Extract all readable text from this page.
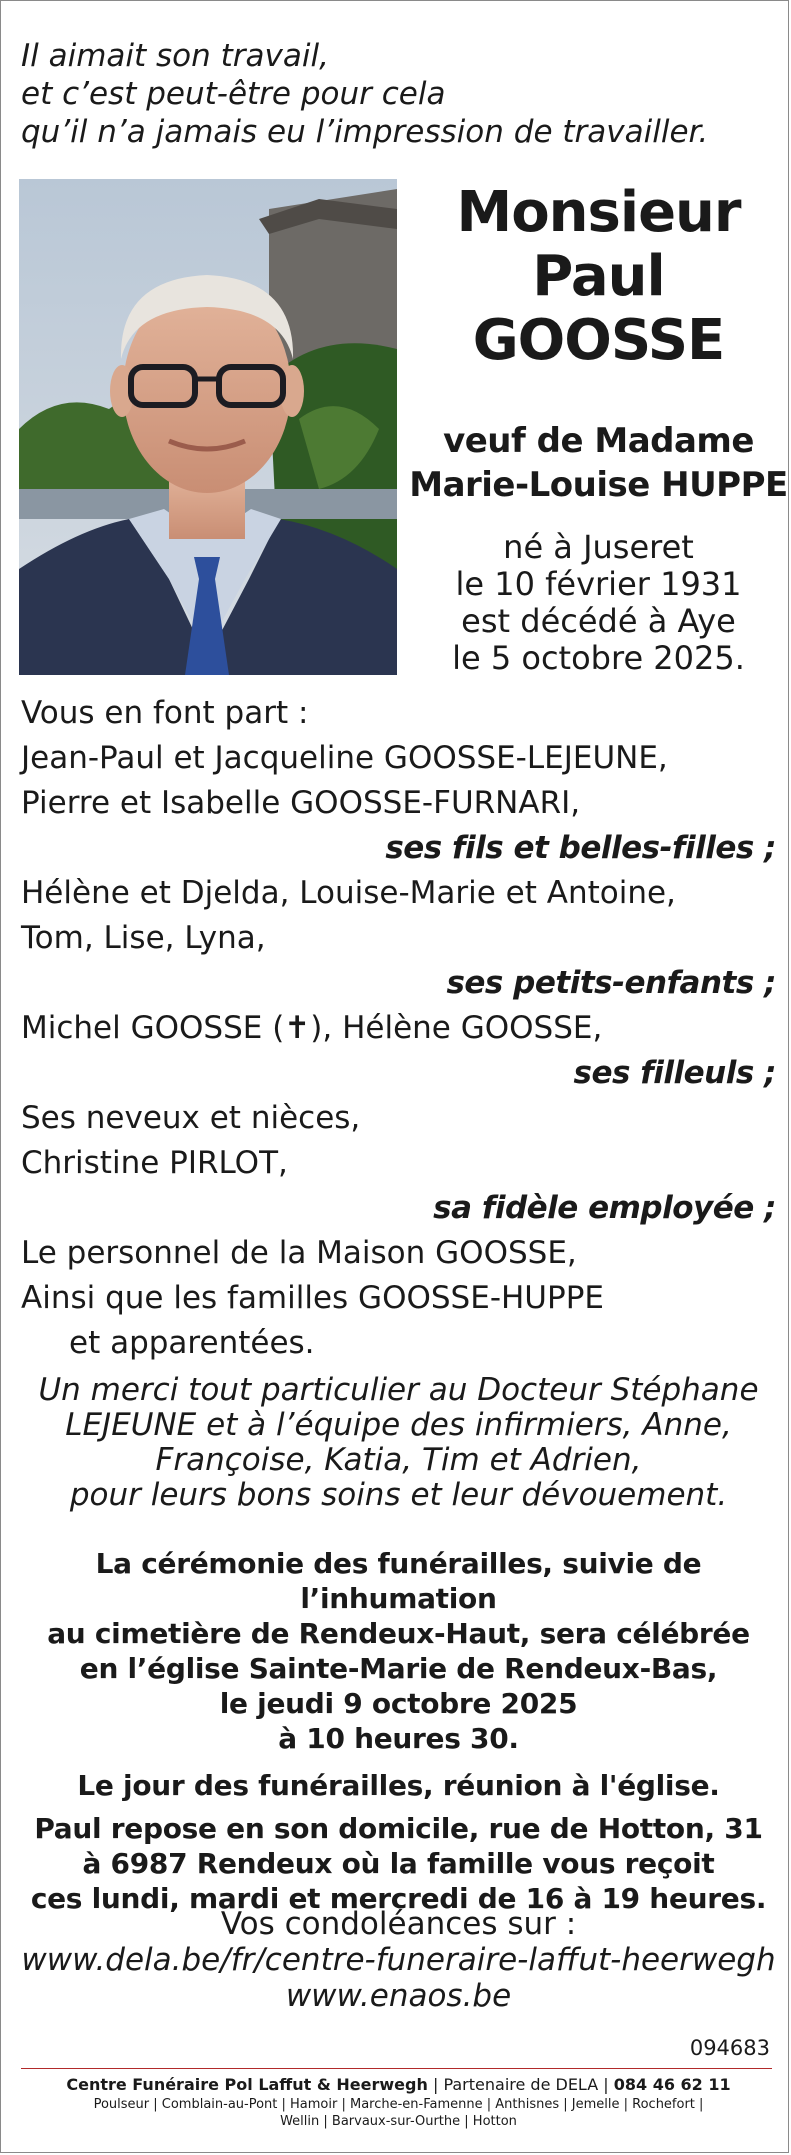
Il aimait son travail,
et c’est peut-être pour cela
qu’il n’a jamais eu l’impression de travailler.
Monsieur
Paul
GOOSSE
veuf de Madame
Marie-Louise HUPPE
né à Juseret
le 10 février 1931
est décédé à Aye
le 5 octobre 2025.
Vous en font part :
Jean-Paul et Jacqueline GOOSSE-LEJEUNE,
Pierre et Isabelle GOOSSE-FURNARI,
ses fils et belles-filles ;
Hélène et Djelda, Louise-Marie et Antoine,
Tom, Lise, Lyna,
ses petits-enfants ;
Michel GOOSSE (✝), Hélène GOOSSE,
ses filleuls ;
Ses neveux et nièces,
Christine PIRLOT,
sa fidèle employée ;
Le personnel de la Maison GOOSSE,
Ainsi que les familles GOOSSE-HUPPE
et apparentées.
Un merci tout particulier au Docteur Stéphane
LEJEUNE et à l’équipe des infirmiers, Anne,
Françoise, Katia, Tim et Adrien,
pour leurs bons soins et leur dévouement.
La cérémonie des funérailles, suivie de l’inhumation
au cimetière de Rendeux-Haut, sera célébrée
en l’église Sainte-Marie de Rendeux-Bas,
le jeudi 9 octobre 2025
à 10 heures 30.
Le jour des funérailles, réunion à l'église.
Paul repose en son domicile, rue de Hotton, 31
à 6987 Rendeux où la famille vous reçoit
ces lundi, mardi et mercredi de 16 à 19 heures.
Vos condoléances sur :
www.dela.be/fr/centre-funeraire-laffut-heerwegh
www.enaos.be
094683
Centre Funéraire Pol Laffut & Heerwegh | Partenaire de DELA | 084 46 62 11
Poulseur | Comblain-au-Pont | Hamoir | Marche-en-Famenne | Anthisnes | Jemelle | Rochefort |
Wellin | Barvaux-sur-Ourthe | Hotton
